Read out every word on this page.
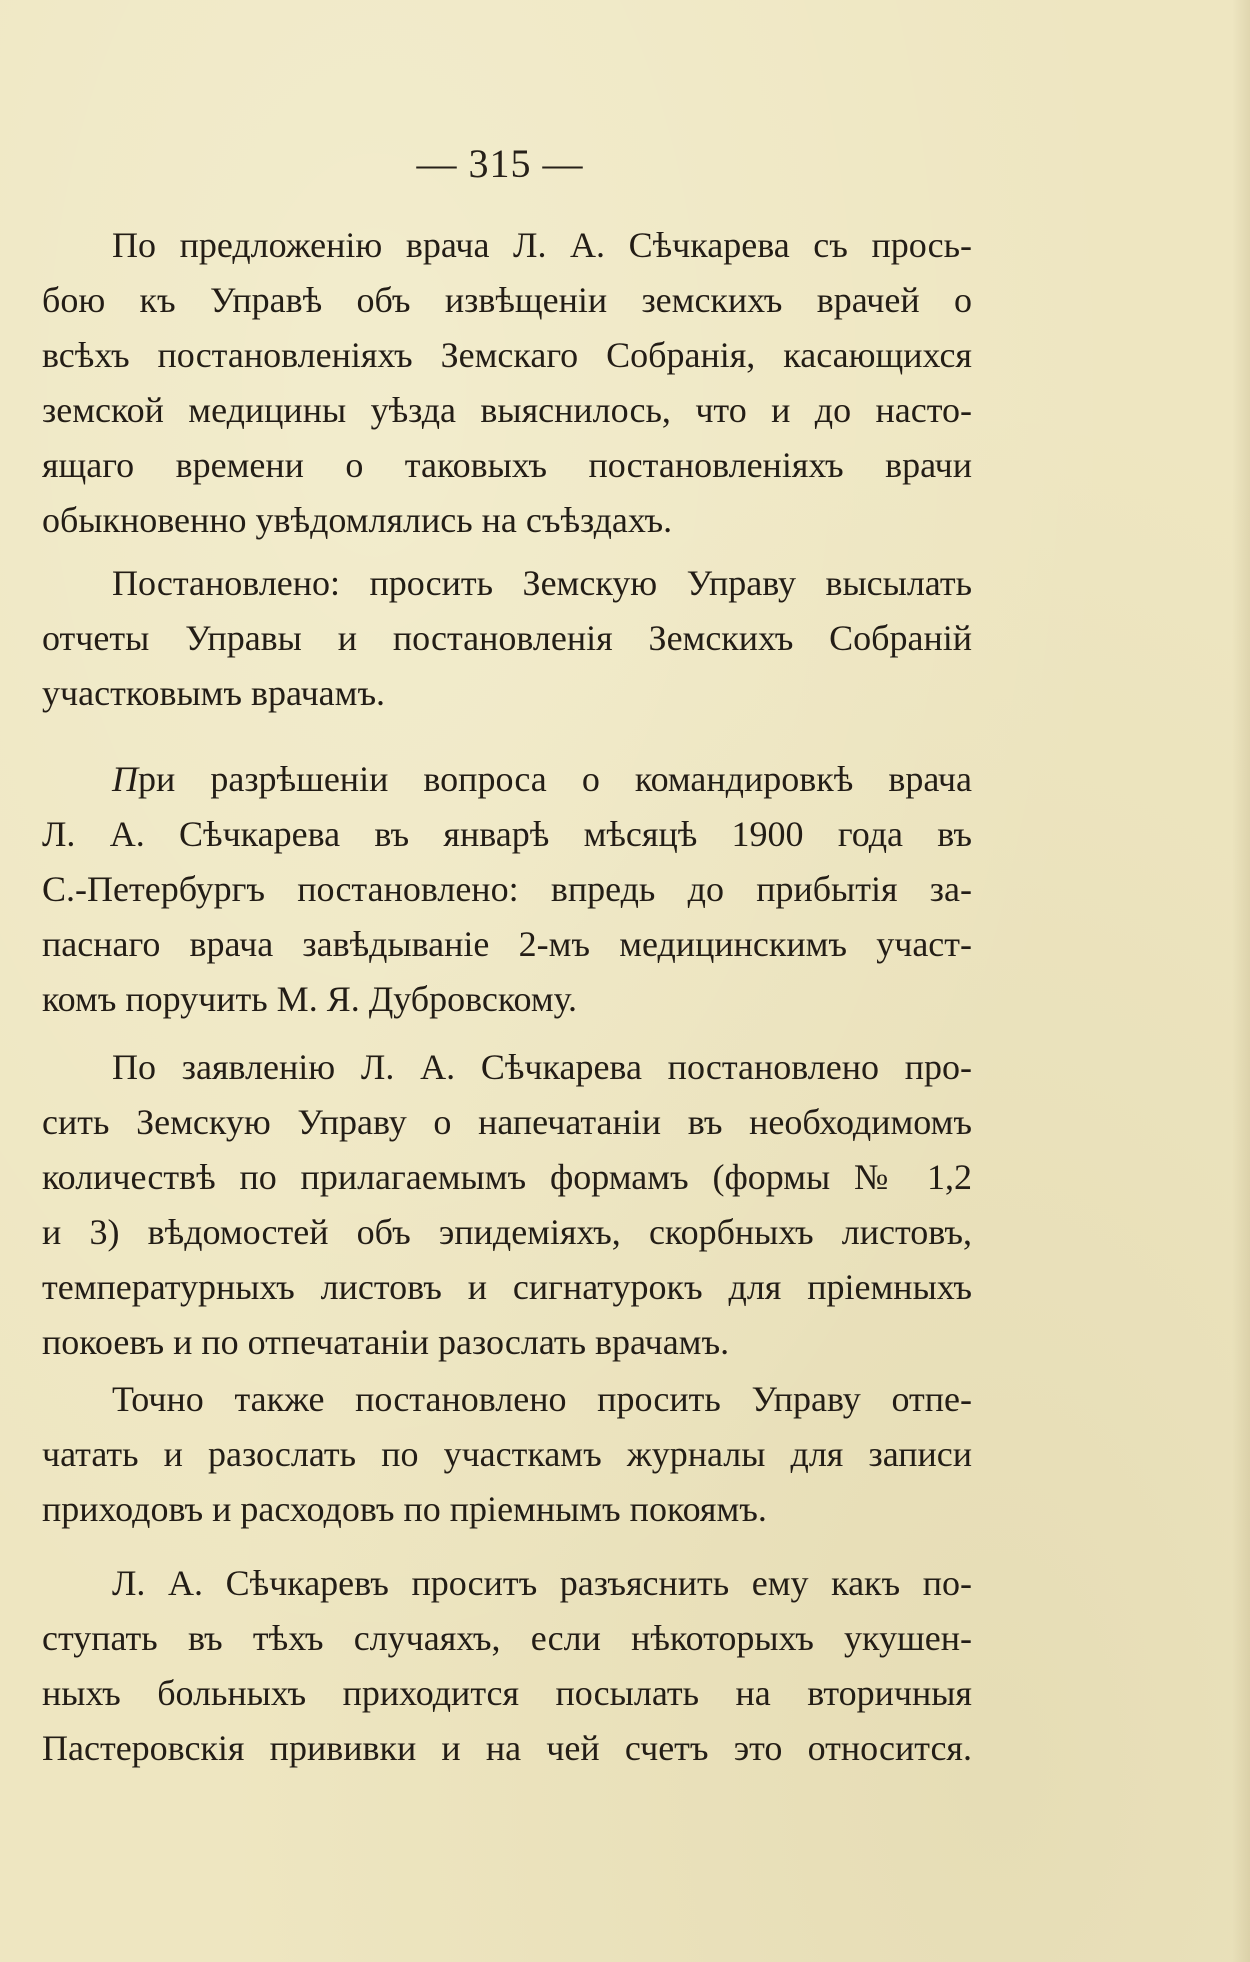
— 315 —
По предложенію врача Л. А. Сѣчкарева съ прось-
бою къ Управѣ объ извѣщеніи земскихъ врачей о
всѣхъ постановленіяхъ Земскаго Собранія, касающихся
земской медицины уѣзда выяснилось, что и до насто-
ящаго времени о таковыхъ постановленіяхъ врачи
обыкновенно увѣдомлялись на съѣздахъ.
Постановлено: просить Земскую Управу высылать
отчеты Управы и постановленія Земскихъ Собраній
участковымъ врачамъ.
При разрѣшеніи вопроса о командировкѣ врача
Л. А. Сѣчкарева въ январѣ мѣсяцѣ 1900 года въ
С.-Петербургъ постановлено: впредь до прибытія за-
паснаго врача завѣдываніе 2-мъ медицинскимъ участ-
комъ поручить М. Я. Дубровскому.
По заявленію Л. А. Сѣчкарева постановлено про-
сить Земскую Управу о напечатаніи въ необходимомъ
количествѣ по прилагаемымъ формамъ (формы № 1,2
и 3) вѣдомостей объ эпидеміяхъ, скорбныхъ листовъ,
температурныхъ листовъ и сигнатурокъ для пріемныхъ
покоевъ и по отпечатаніи разослать врачамъ.
Точно также постановлено просить Управу отпе-
чатать и разослать по участкамъ журналы для записи
приходовъ и расходовъ по пріемнымъ покоямъ.
Л. А. Сѣчкаревъ проситъ разъяснить ему какъ по-
ступать въ тѣхъ случаяхъ, если нѣкоторыхъ укушен-
ныхъ больныхъ приходится посылать на вторичныя
Пастеровскія прививки и на чей счетъ это относится.
